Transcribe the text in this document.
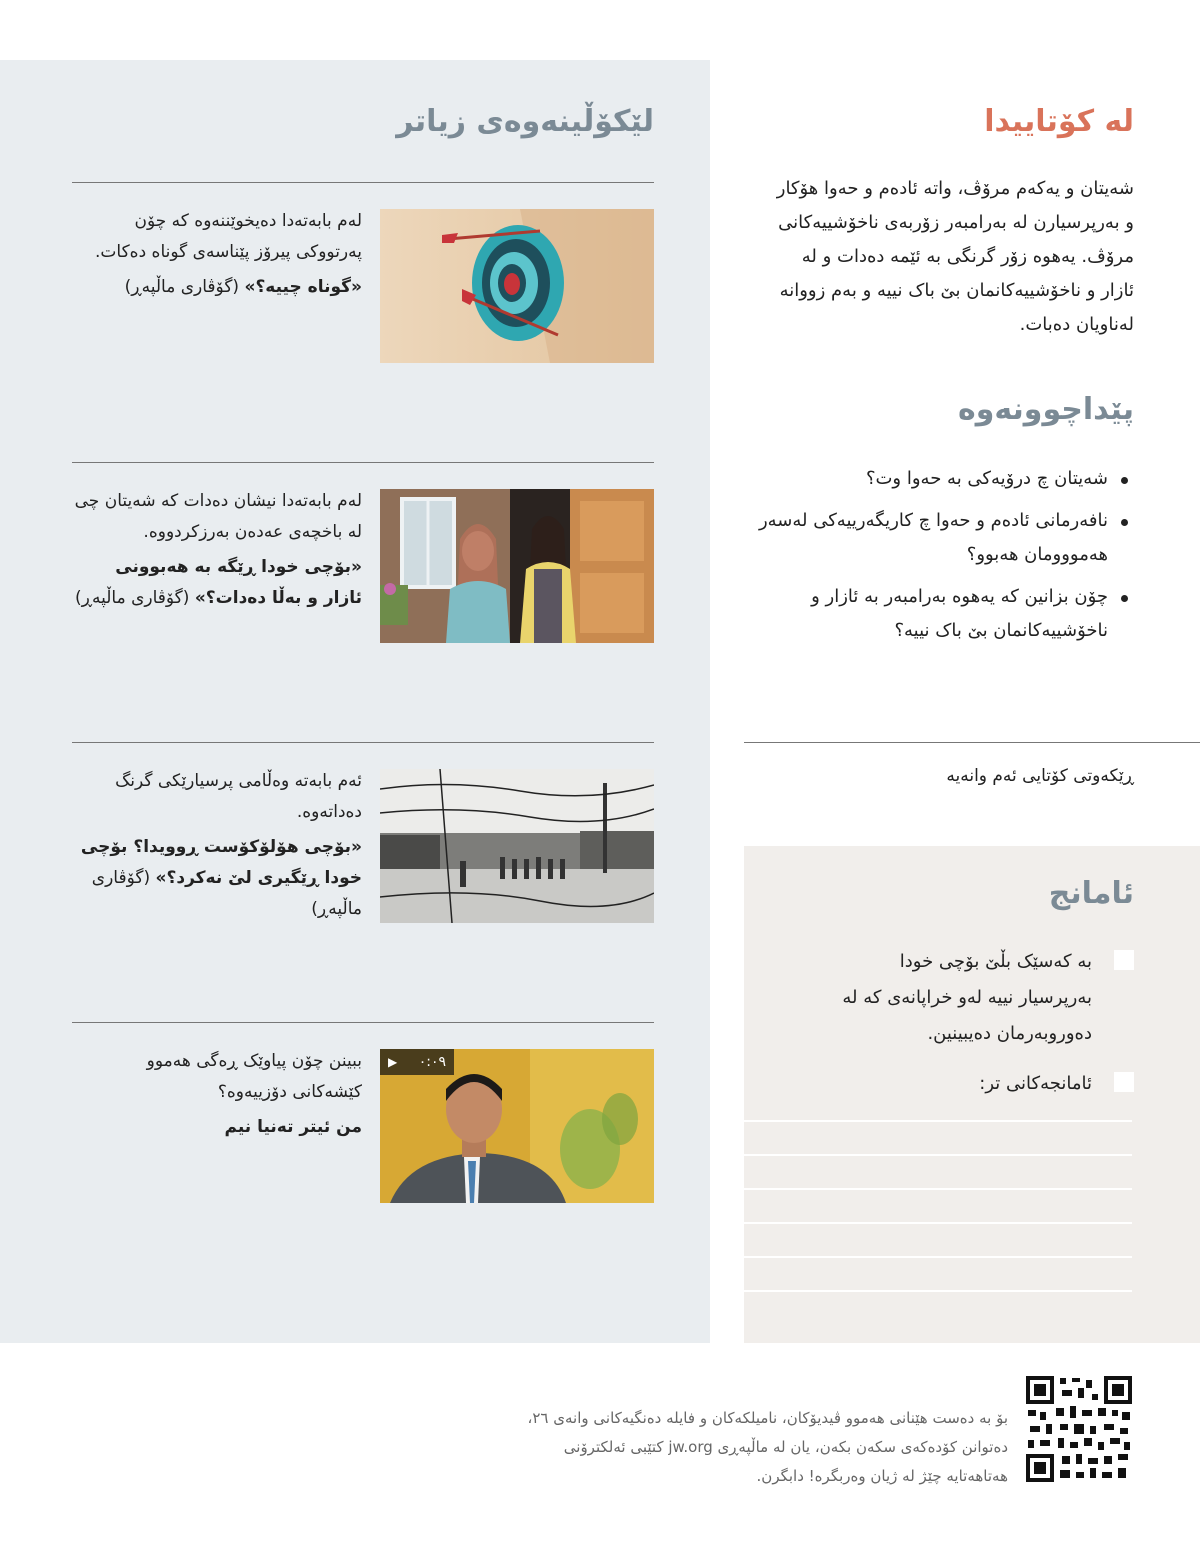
لێکۆڵینەوەی زیاتر

لەم بابەتەدا دەیخوێننەوە کە چۆن پەرتووکی پیرۆز پێناسەی گوناه دەکات.

«گوناه چییە؟» (گۆڤاری ماڵپەڕ)

لەم بابەتەدا نیشان دەدات کە شەیتان چی لە باخچەی عەدەن بەرزکردووە.

«بۆچی خودا ڕێگە بە هەبوونی ئازار و بەڵا دەدات؟» (گۆڤاری ماڵپەڕ)

ئەم بابەتە وەڵامی پرسیارێکی گرنگ دەداتەوە.

«بۆچی هۆلۆکۆست ڕوویدا؟ بۆچی خودا ڕێگیری لێ نەکرد؟» (گۆڤاری ماڵپەڕ)

ببینن چۆن پیاوێک ڕەگی هەموو کێشەکانی دۆزییەوە؟

من ئیتر تەنیا نیم

▶ ٠:٠٩
لە کۆتاییدا

شەیتان و یەکەم مرۆڤ، واتە ئادەم و حەوا هۆکار و بەرپرسیارن لە بەرامبەر زۆربەی ناخۆشییەکانی مرۆڤ. یەهوە زۆر گرنگی بە ئێمە دەدات و لە ئازار و ناخۆشییەکانمان بێ باک نییە و بەم زووانە لەناویان دەبات.

پێداچوونەوە
شەیتان چ درۆیەکی بە حەوا وت؟
نافەرمانی ئادەم و حەوا چ کاریگەرییەکی لەسەر هەمووومان هەبوو؟
چۆن بزانین کە یەهوە بەرامبەر بە ئازار و ناخۆشییەکانمان بێ باک نییە؟

ڕێکەوتی کۆتایی ئەم وانەیە

ئامانج
بە کەسێک بڵێ بۆچی خودا بەرپرسیار نییە لەو خراپانەی کە لە دەوروبەرمان دەیبینین.
ئامانجەکانی تر:

بۆ بە دەست هێنانی هەموو ڤیدیۆکان، نامیلکەکان و فایلە دەنگیەکانی وانەی ٢٦، دەتوانن کۆدەکەی سکەن بکەن، یان لە ماڵپەڕی jw.org کتێبی ئەلکترۆنی هەتاهەتایە چێژ لە ژیان وەربگرە! دابگرن.
